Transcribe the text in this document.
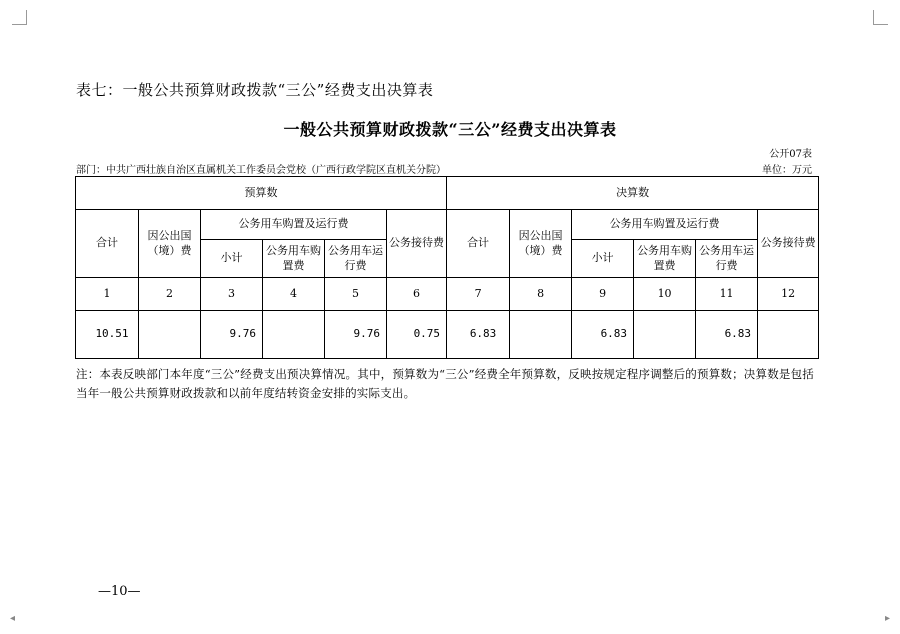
◂	▸
表七：一般公共预算财政拨款“三公”经费支出决算表
一般公共预算财政拨款“三公”经费支出决算表
公开07表
部门：中共广西壮族自治区直属机关工作委员会党校（广西行政学院区直机关分院）	单位：万元
预算数						决算数					
合计	因公出国（境）费	公务用车购置及运行费			公务接待费	合计	因公出国（境）费	公务用车购置及运行费			公务接待费
		小计	公务用车购置费	公务用车运行费				小计	公务用车购置费	公务用车运行费	
1	2	3	4	5	6	7	8	9	10	11	12
10.51		9.76		9.76	0.75	6.83		6.83		6.83	
注：本表反映部门本年度“三公”经费支出预决算情况。其中，预算数为“三公”经费全年预算数，反映按规定程序调整后的预算数；决算数是包括当年一般公共预算财政拨款和以前年度结转资金安排的实际支出。
—10—
